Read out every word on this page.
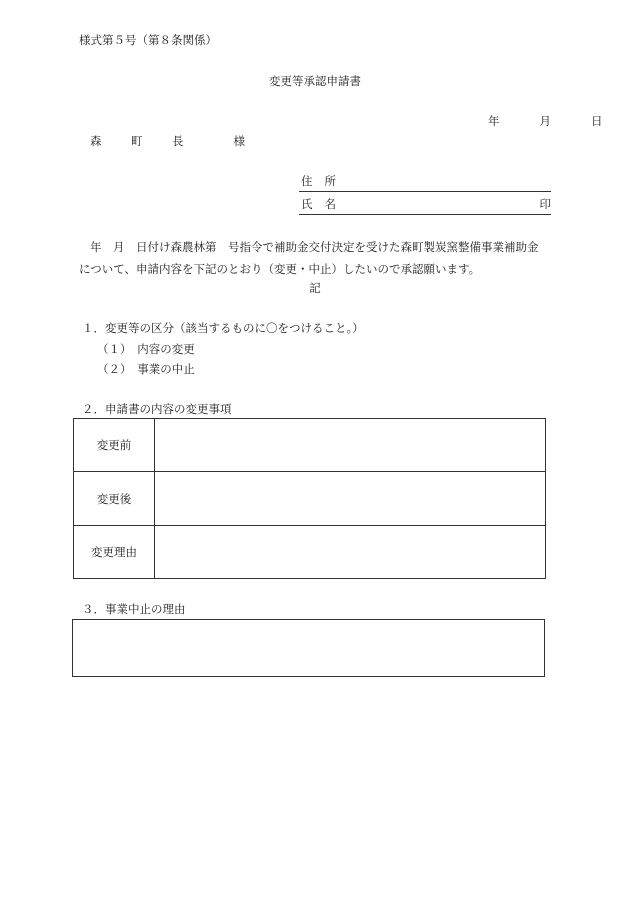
様式第５号（第８条関係）
変更等承認申請書
年	月	日
森　町　長　　様
住所
氏名	印
年　月　日付け森農林第　号指令で補助金交付決定を受けた森町製炭窯整備事業補助金
について、申請内容を下記のとおり（変更・中止）したいので承認願います。
記
１．変更等の区分（該当するものに〇をつけること。）
（１）　内容の変更
（２）　事業の中止
２．申請書の内容の変更事項
変更前
変更後
変更理由
３．事業中止の理由
